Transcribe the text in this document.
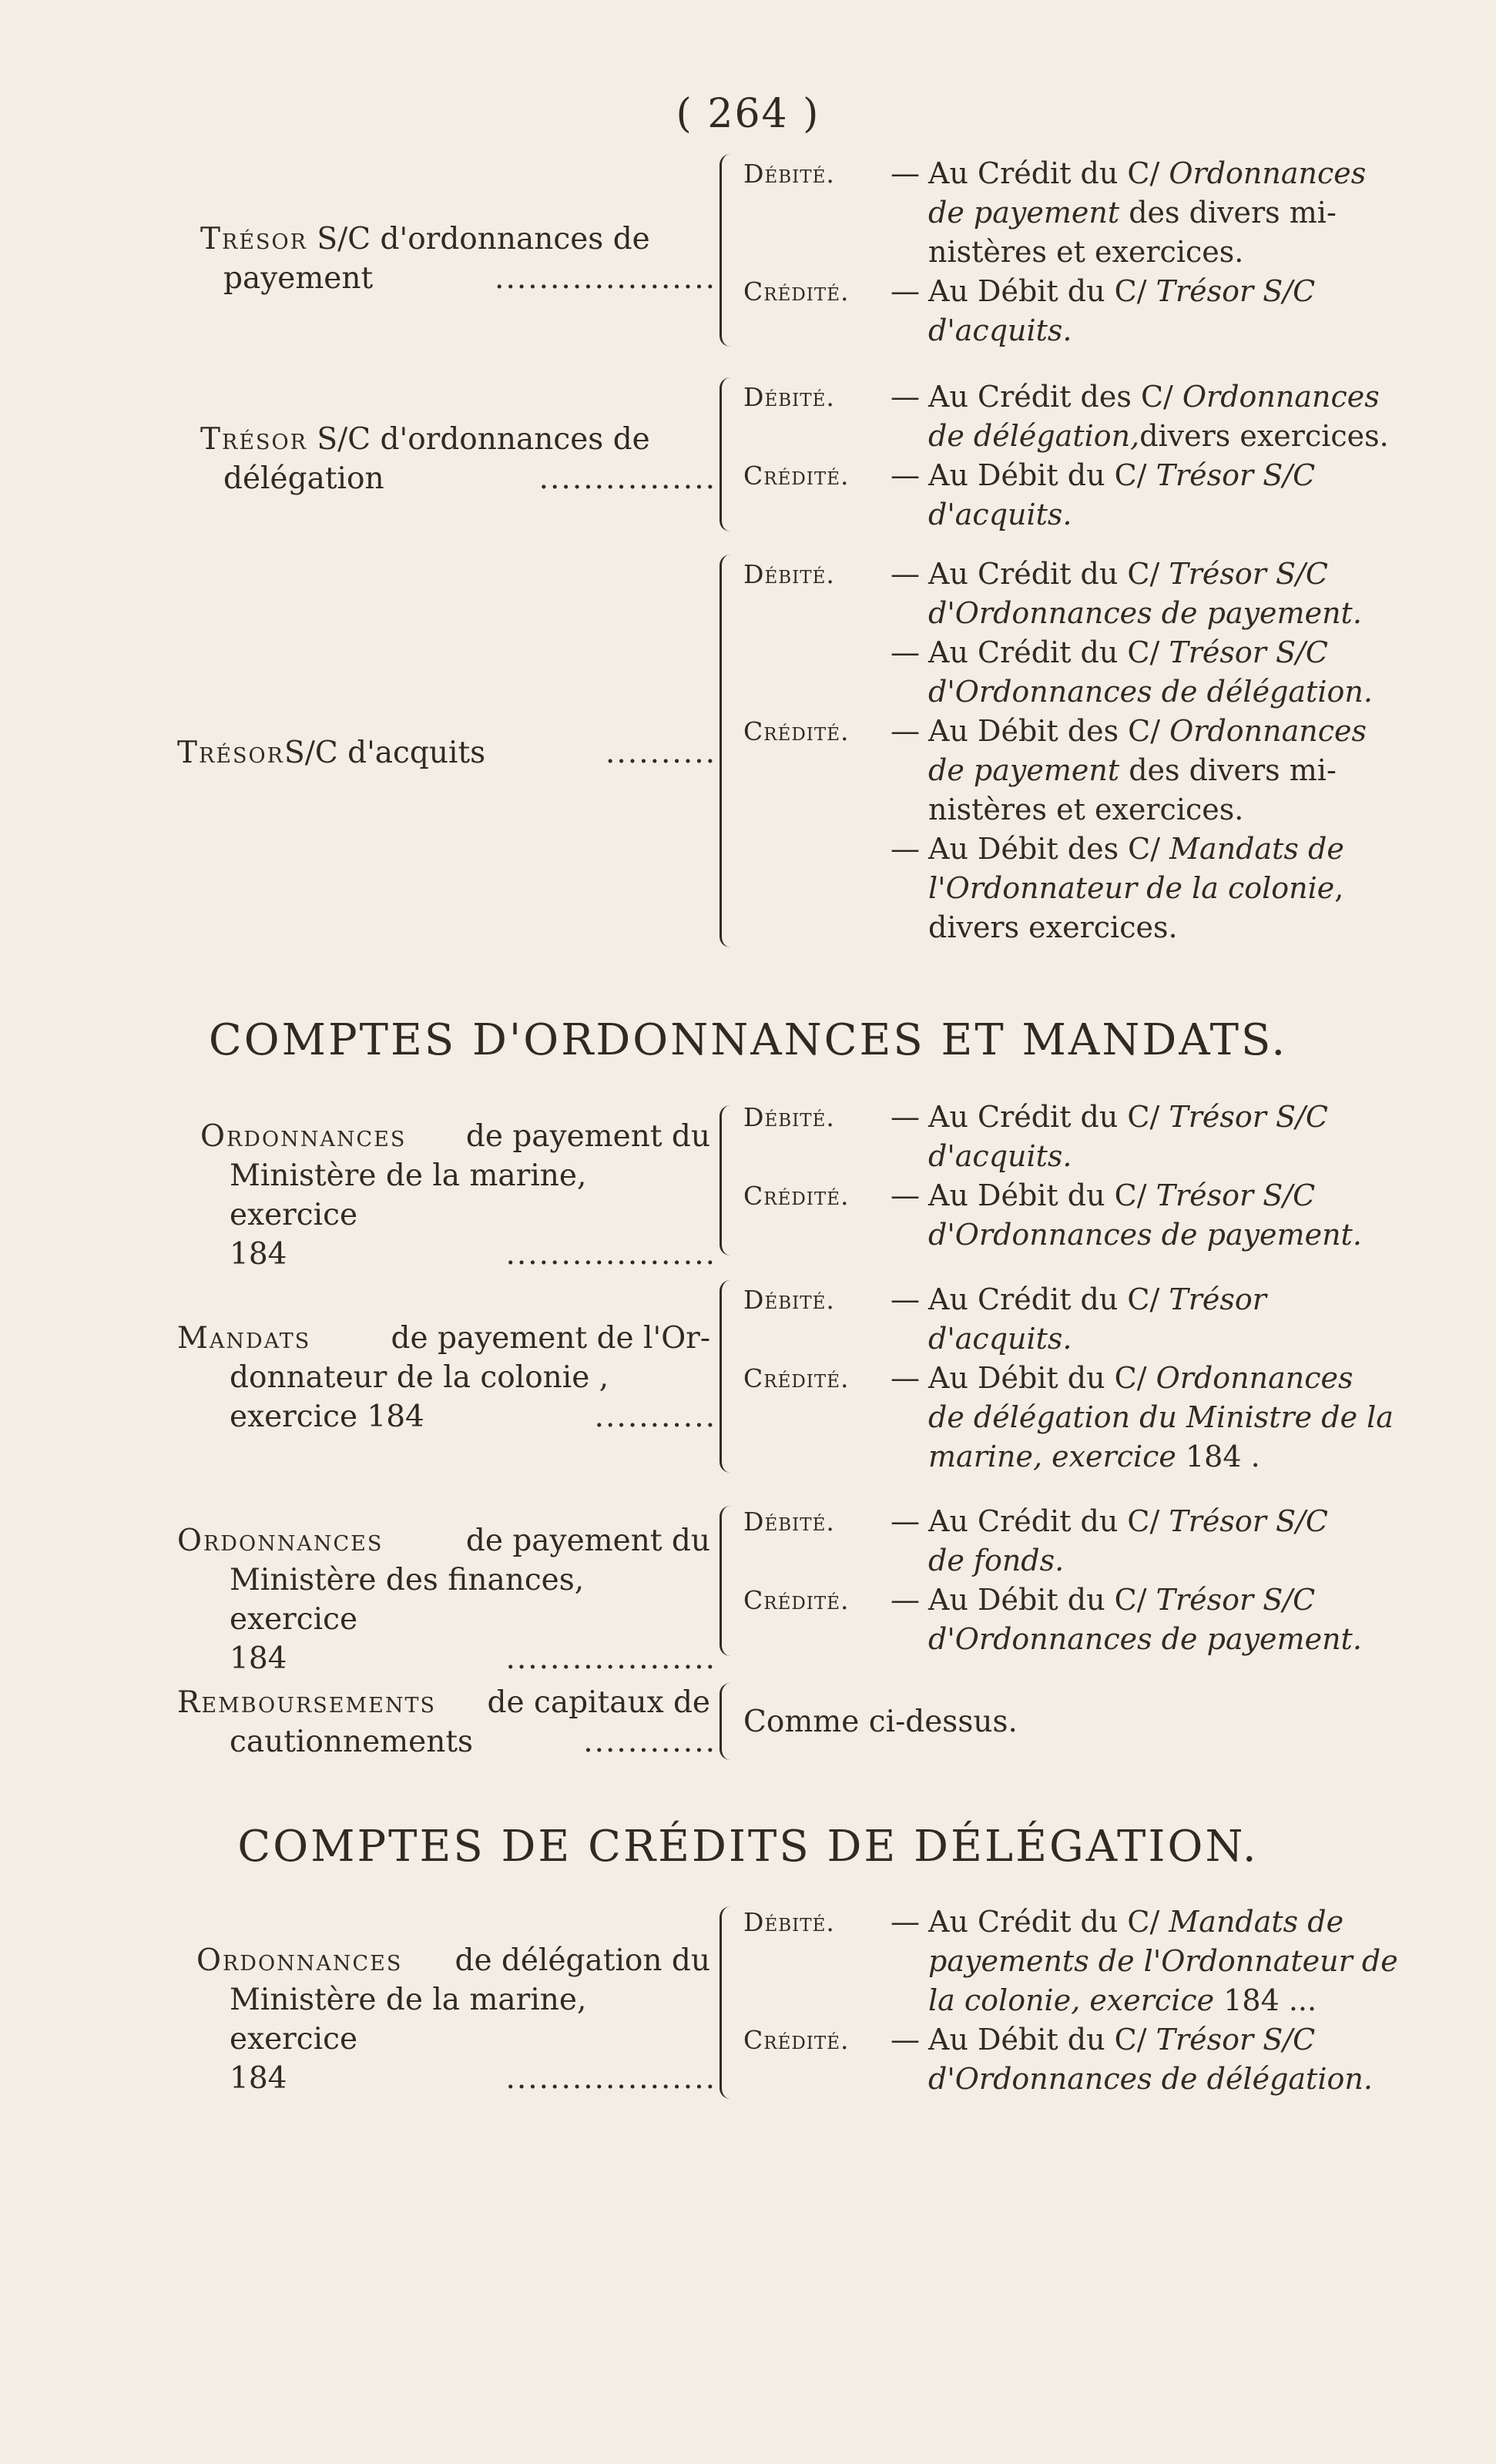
( 264 )
Trésor S/C d'ordonnances de
payement	....................
Débité.	— Au Crédit du C/ Ordonnances
de payement des divers mi-
nistères et exercices.
Crédité.	— Au Débit du C/ Trésor S/C
d'acquits.
Trésor S/C d'ordonnances de
délégation	................
Débité.	— Au Crédit des C/ Ordonnances
de délégation,divers exercices.
Crédité.	— Au Débit du C/ Trésor S/C
d'acquits.
Trésor S/C d'acquits	..........
Débité.	— Au Crédit du C/ Trésor S/C
d'Ordonnances de payement.
— Au Crédit du C/ Trésor S/C
d'Ordonnances de délégation.
Crédité.	— Au Débit des C/ Ordonnances
de payement des divers mi-
nistères et exercices.
— Au Débit des C/ Mandats de
l'Ordonnateur de la colonie,
divers exercices.
COMPTES D'ORDONNANCES ET MANDATS.
Ordonnances de payement du
Ministère de la marine, exercice
184	...................
Débité.	— Au Crédit du C/ Trésor S/C
d'acquits.
Crédité.	— Au Débit du C/ Trésor S/C
d'Ordonnances de payement.
Mandats	de payement de l'Or-
donnateur de la colonie ,
exercice 184	...........
Débité.	— Au Crédit du C/ Trésor
d'acquits.
Crédité.	— Au Débit du C/ Ordonnances
de délégation du Ministre de la
marine, exercice 184 .
Ordonnances	de payement du
Ministère des finances, exercice
184	...................
Débité.	— Au Crédit du C/ Trésor S/C
de fonds.
Crédité.	— Au Débit du C/ Trésor S/C
d'Ordonnances de payement.
Remboursements de capitaux de
cautionnements	............
Comme ci-dessus.
COMPTES DE CRÉDITS DE DÉLÉGATION.
Ordonnances de délégation du
Ministère de la marine, exercice
184	...................
Débité.	— Au Crédit du C/ Mandats de
payements de l'Ordonnateur de
la colonie, exercice 184 ...
Crédité.	— Au Débit du C/ Trésor S/C
d'Ordonnances de délégation.
